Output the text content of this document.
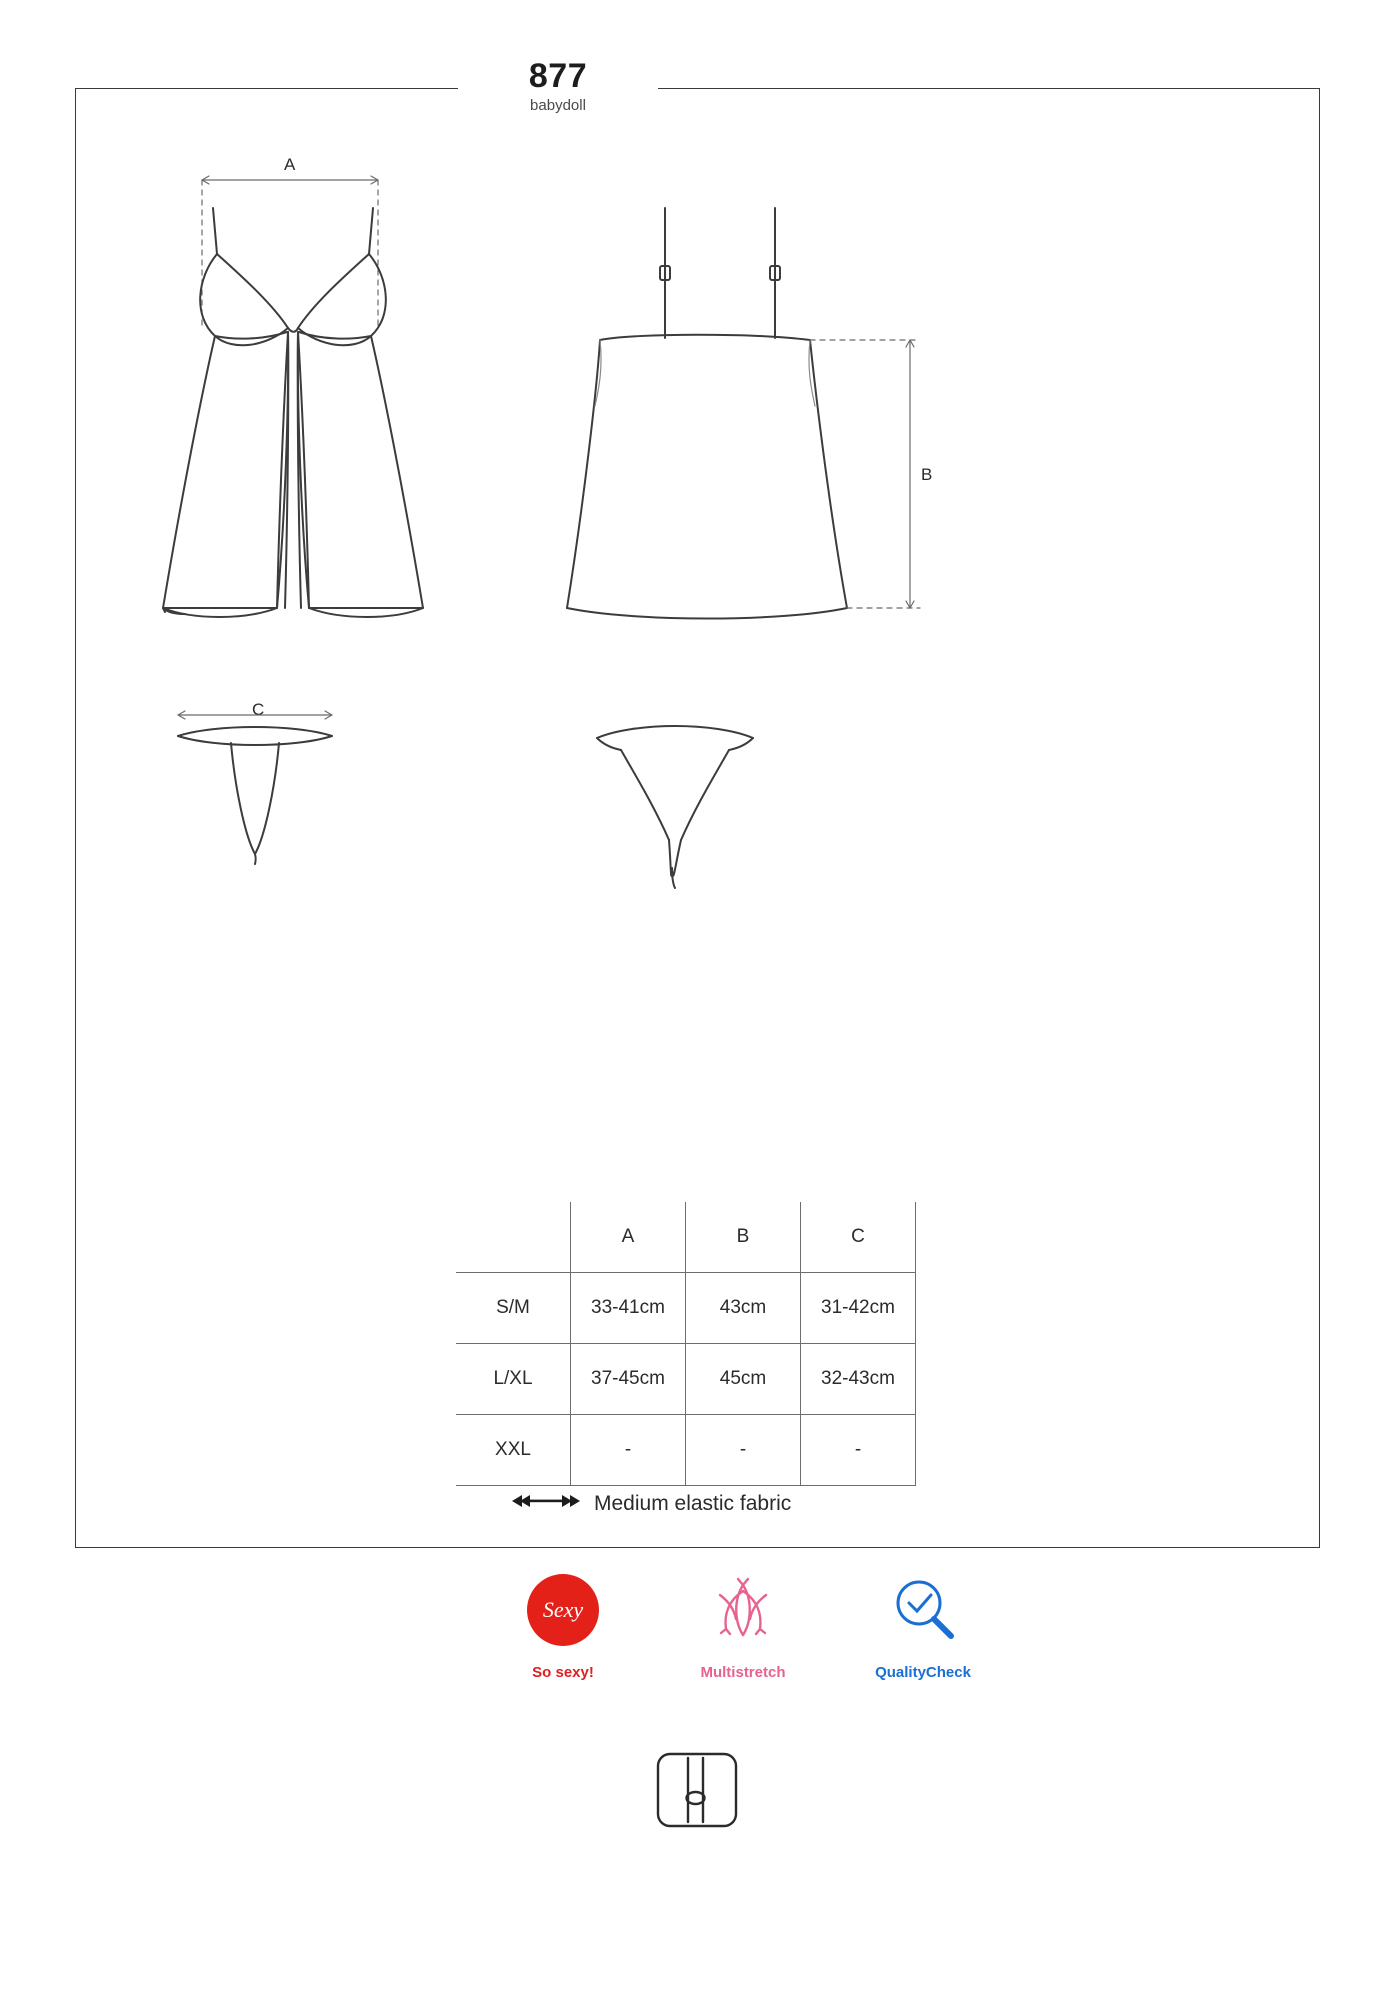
877
babydoll
A
B
C
	A	B	C
S/M	33-41cm	43cm	31-42cm
L/XL	37-45cm	45cm	32-43cm
XXL	-	-	-
Medium elastic fabric
Sexy
So sexy!	Multistretch	QualityCheck
